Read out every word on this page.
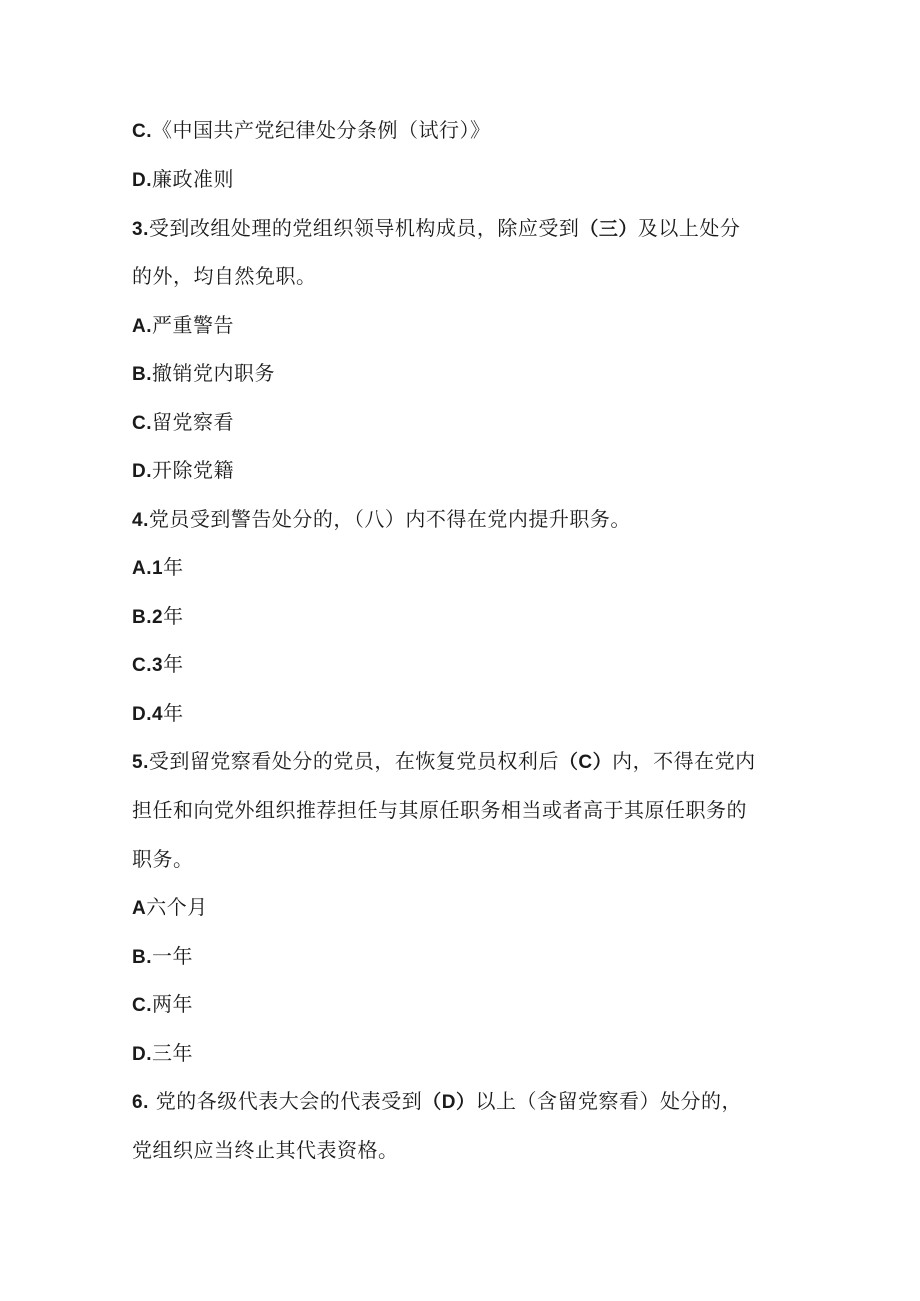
C.《中国共产党纪律处分条例（试行）》
D.廉政准则
3.受到改组处理的党组织领导机构成员，除应受到（三）及以上处分
的外，均自然免职。
A.严重警告
B.撤销党内职务
C.留党察看
D.开除党籍
4.党员受到警告处分的，（八）内不得在党内提升职务。
A.1年
B.2年
C.3年
D.4年
5.受到留党察看处分的党员，在恢复党员权利后（C）内，不得在党内
担任和向党外组织推荐担任与其原任职务相当或者高于其原任职务的
职务。
A六个月
B.一年
C.两年
D.三年
6. 党的各级代表大会的代表受到（D）以上（含留党察看）处分的，
党组织应当终止其代表资格。
